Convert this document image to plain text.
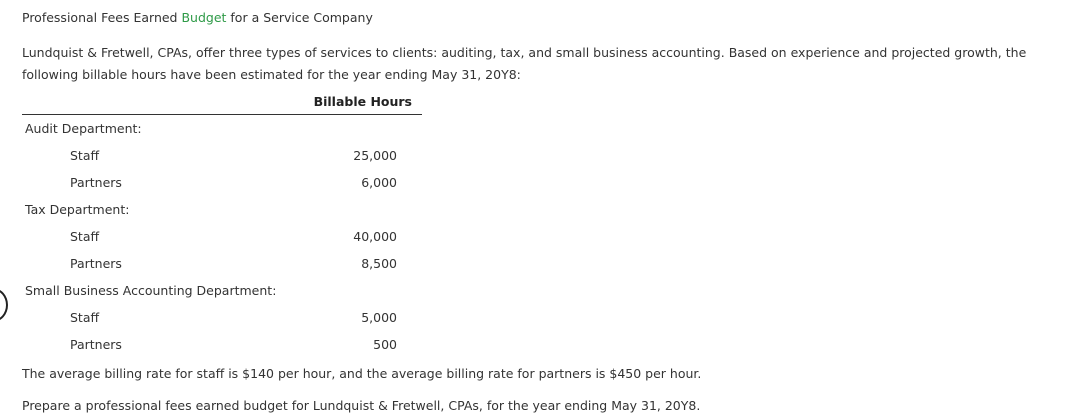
Professional Fees Earned Budget for a Service Company
Lundquist & Fretwell, CPAs, offer three types of services to clients: auditing, tax, and small business accounting. Based on experience and projected growth, the following billable hours have been estimated for the year ending May 31, 20Y8:
Billable Hours
Audit Department:
Staff	25,000
Partners	6,000
Tax Department:
Staff	40,000
Partners	8,500
Small Business Accounting Department:
Staff	5,000
Partners	500
The average billing rate for staff is $140 per hour, and the average billing rate for partners is $450 per hour.
Prepare a professional fees earned budget for Lundquist & Fretwell, CPAs, for the year ending May 31, 20Y8.
